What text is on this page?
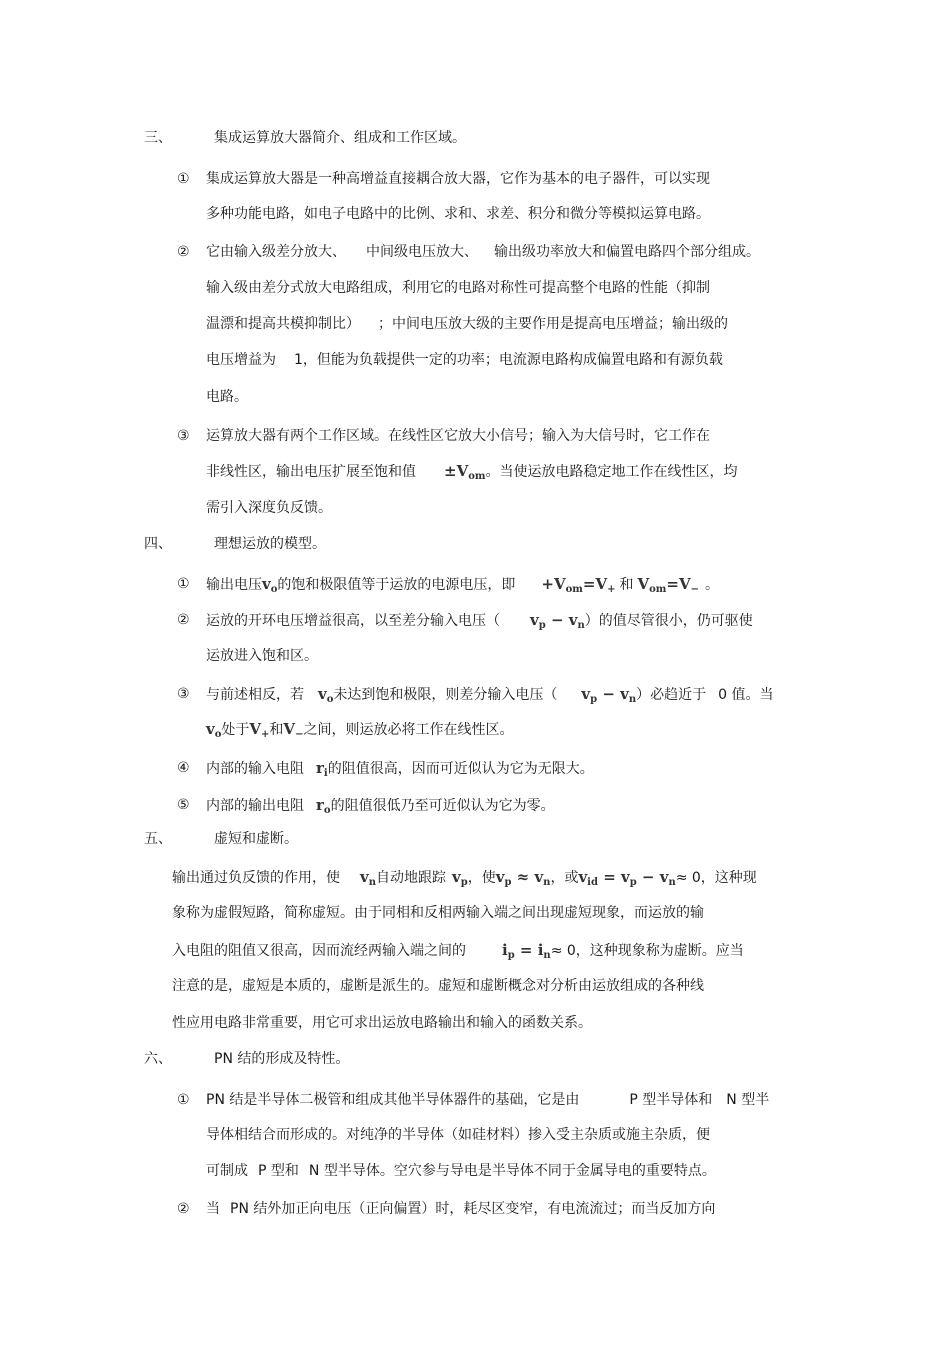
三、	集成运算放大器简介、组成和工作区域。
① 集成运算放大器是一种高增益直接耦合放大器，它作为基本的电子器件，可以实现
多种功能电路，如电子电路中的比例、求和、求差、积分和微分等模拟运算电路。
② 它由输入级差分放大、 中间级电压放大、 输出级功率放大和偏置电路四个部分组成。
输入级由差分式放大电路组成，利用它的电路对称性可提高整个电路的性能（抑制
温漂和提高共模抑制比） ；中间电压放大级的主要作用是提高电压增益；输出级的
电压增益为 1，但能为负载提供一定的功率；电流源电路构成偏置电路和有源负载
电路。
③ 运算放大器有两个工作区域。在线性区它放大小信号；输入为大信号时，它工作在
非线性区，输出电压扩展至饱和值 $\pm V_{om}$。当使运放电路稳定地工作在线性区，均
需引入深度负反馈。
四、	理想运放的模型。
① 输出电压$v_o$的饱和极限值等于运放的电源电压，即 $+V_{om}=V_+$ 和 $V_{om}=V_-$ 。
② 运放的开环电压增益很高，以至差分输入电压（ $v_p - v_n$）的值尽管很小，仍可驱使
运放进入饱和区。
③ 与前述相反，若 $v_o$未达到饱和极限，则差分输入电压（ $v_p - v_n$）必趋近于 0 值。当
$v_o$处于$V_+$和$V_-$之间，则运放必将工作在线性区。
④ 内部的输入电阻 $r_i$的阻值很高，因而可近似认为它为无限大。
⑤ 内部的输出电阻 $r_o$的阻值很低乃至可近似认为它为零。
五、	虚短和虚断。
输出通过负反馈的作用，使 $v_n$自动地跟踪 $v_p$，使$v_p \approx v_n$，或$v_{id} = v_p - v_n\approx 0$，这种现
象称为虚假短路，简称虚短。由于同相和反相两输入端之间出现虚短现象，而运放的输
入电阻的阻值又很高，因而流经两输入端之间的 $i_p = i_n\approx 0$，这种现象称为虚断。应当
注意的是，虚短是本质的，虚断是派生的。虚短和虚断概念对分析由运放组成的各种线
性应用电路非常重要，用它可求出运放电路输出和输入的函数关系。
六、	PN 结的形成及特性。
① PN 结是半导体二极管和组成其他半导体器件的基础，它是由	P 型半导体和 N 型半
导体相结合而形成的。对纯净的半导体（如硅材料）掺入受主杂质或施主杂质，便
可制成 P 型和 N 型半导体。空穴参与导电是半导体不同于金属导电的重要特点。
② 当 PN 结外加正向电压（正向偏置）时，耗尽区变窄，有电流流过；而当反加方向
